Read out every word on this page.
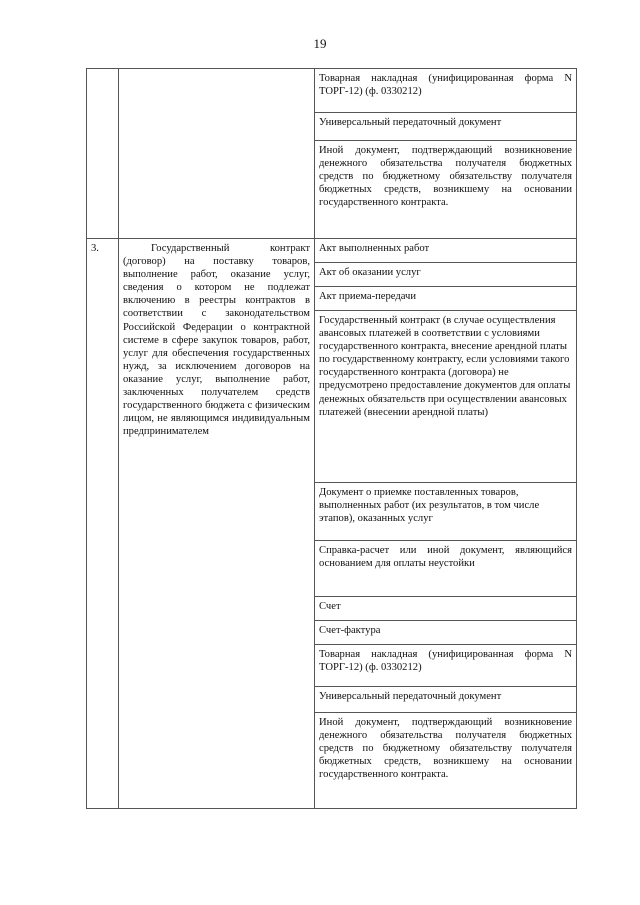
19
		Товарная накладная (унифицированная форма N ТОРГ-12) (ф. 0330212)
		Универсальный передаточный документ
		Иной документ, подтверждающий возникновение денежного обязательства получателя бюджетных средств по бюджетному обязательству получателя бюджетных средств, возникшему на основании государственного контракта.
3.	Государственный контракт (договор) на поставку товаров, выполнение работ, оказание услуг, сведения о котором не подлежат включению в реестры контрактов в соответствии с законодательством Российской Федерации о контрактной системе в сфере закупок товаров, работ, услуг для обеспечения государственных нужд, за исключением договоров на оказание услуг, выполнение работ, заключенных получателем средств государственного бюджета с физическим лицом, не являющимся индивидуальным предпринимателем	Акт выполненных работ
		Акт об оказании услуг
		Акт приема-передачи
		Государственный контракт (в случае осуществления авансовых платежей в соответствии с условиями государственного контракта, внесение арендной платы по государственному контракту, если условиями такого государственного контракта (договора) не предусмотрено предоставление документов для оплаты денежных обязательств при осуществлении авансовых платежей (внесении арендной платы)
		Документ о приемке поставленных товаров, выполненных работ (их результатов, в том числе этапов), оказанных услуг
		Справка-расчет или иной документ, являющийся основанием для оплаты неустойки
		Счет
		Счет-фактура
		Товарная накладная (унифицированная форма N ТОРГ-12) (ф. 0330212)
		Универсальный передаточный документ
		Иной документ, подтверждающий возникновение денежного обязательства получателя бюджетных средств по бюджетному обязательству получателя бюджетных средств, возникшему на основании государственного контракта.
